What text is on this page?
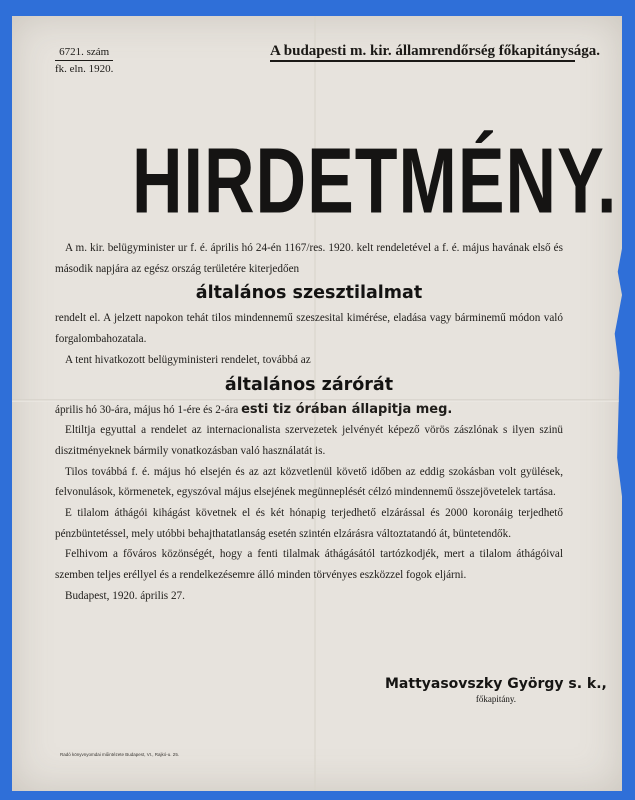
6721. szám
fk. eln. 1920.
A budapesti m. kir. államrendőrség főkapitánysága.
HIRDETMÉNY.

A m. kir. belügyminister ur f. é. április hó 24-én 1167/res. 1920. kelt rendeletével a f. é. május havának első és második napjára az egész ország területére kiterjedően

általános szesztilalmat

rendelt el. A jelzett napokon tehát tilos mindennemű szeszesital kimérése, eladása vagy bárminemű módon való forgalombahozatala.

A tent hivatkozott belügyministeri rendelet, továbbá az

általános zárórát

április hó 30-ára, május hó 1-ére és 2-ára esti tiz órában állapitja meg.

Eltiltja egyuttal a rendelet az internacionalista szervezetek jelvényét képező vörös zászlónak s ilyen szinü diszitményeknek bármily vonatkozásban való használatát is.

Tilos továbbá f. é. május hó elsején és az azt közvetlenül követő időben az eddig szokásban volt gyülések, felvonulások, körmenetek, egyszóval május elsejének megünneplését célzó mindennemű összejövetelek tartása.

E tilalom áthágói kihágást követnek el és két hónapig terjedhető elzárással és 2000 koronáig terjedhető pénzbüntetéssel, mely utóbbi behajthatatlanság esetén szintén elzárásra változtatandó át, büntetendők.

Felhivom a főváros közönségét, hogy a fenti tilalmak áthágásától tartózkodjék, mert a tilalom áthágóival szemben teljes eréllyel és a rendelkezésemre álló minden törvényes eszközzel fogok eljárni.

Budapest, 1920. április 27.

Mattyasovszky György s. k.,
főkapitány.
Radó könyvnyomdai műintézete Budapest, VI., Rajkó-u. 25.
